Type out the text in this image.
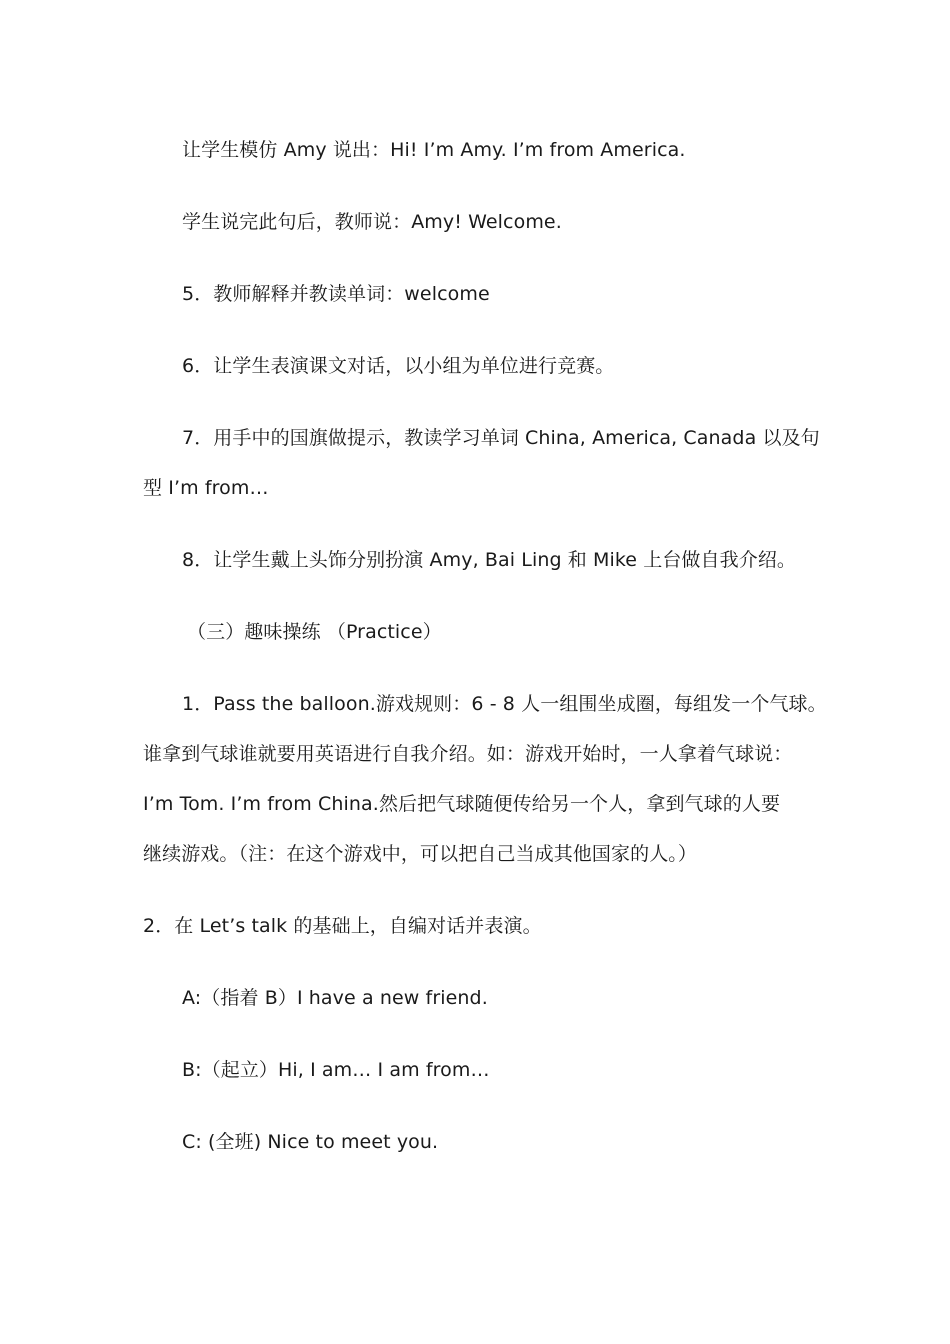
让学生模仿 Amy 说出：Hi! I’m Amy. I’m from America.
学生说完此句后，教师说：Amy! Welcome.
5．教师解释并教读单词：welcome
6．让学生表演课文对话，以小组为单位进行竞赛。
7．用手中的国旗做提示，教读学习单词 China, America, Canada 以及句
型 I’m from…
8．让学生戴上头饰分别扮演 Amy, Bai Ling 和 Mike 上台做自我介绍。
（三）趣味操练 （Practice）
1．Pass the balloon.游戏规则：6 - 8 人一组围坐成圈，每组发一个气球。
谁拿到气球谁就要用英语进行自我介绍。如：游戏开始时，一人拿着气球说：
I’m Tom. I’m from China.然后把气球随便传给另一个人，拿到气球的人要
继续游戏。（注：在这个游戏中，可以把自己当成其他国家的人。）
2．在 Let’s talk 的基础上，自编对话并表演。
A:（指着 B）I have a new friend.
B:（起立）Hi, I am… I am from…
C: (全班) Nice to meet you.
